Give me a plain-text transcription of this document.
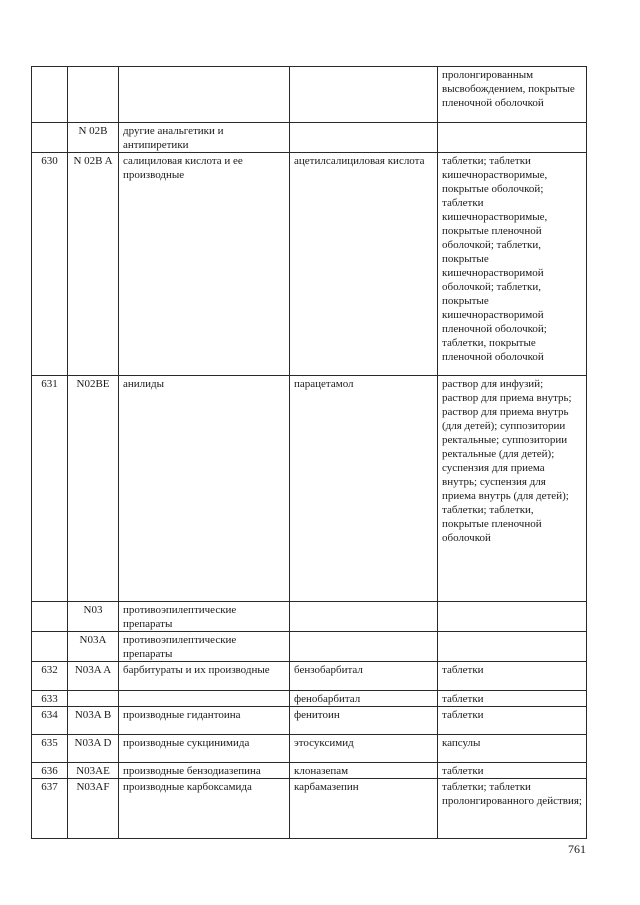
				пролонгированным высвобождением, покрытые пленочной оболочкой
	N 02B	другие анальгетики и антипиретики		
630	N 02B A	салициловая кислота и ее производные	ацетилсалициловая кислота	таблетки; таблетки кишечнорастворимые, покрытые оболочкой; таблетки кишечнорастворимые, покрытые пленочной оболочкой; таблетки, покрытые кишечнорастворимой оболочкой; таблетки, покрытые кишечнорастворимой пленочной оболочкой; таблетки, покрытые пленочной оболочкой
631	N02BE	анилиды	парацетамол	раствор для инфузий; раствор для приема внутрь; раствор для приема внутрь (для детей); суппозитории ректальные; суппозитории ректальные (для детей); суспензия для приема внутрь; суспензия для приема внутрь (для детей); таблетки; таблетки, покрытые пленочной оболочкой
	N03	противоэпилептические препараты		
	N03A	противоэпилептические препараты		
632	N03A A	барбитураты и их производные	бензобарбитал	таблетки
633			фенобарбитал	таблетки
634	N03A B	производные гидантоина	фенитоин	таблетки
635	N03A D	производные сукцинимида	этосуксимид	капсулы
636	N03AE	производные бензодиазепина	клоназепам	таблетки
637	N03AF	производные карбоксамида	карбамазепин	таблетки; таблетки пролонгированного действия;
761
